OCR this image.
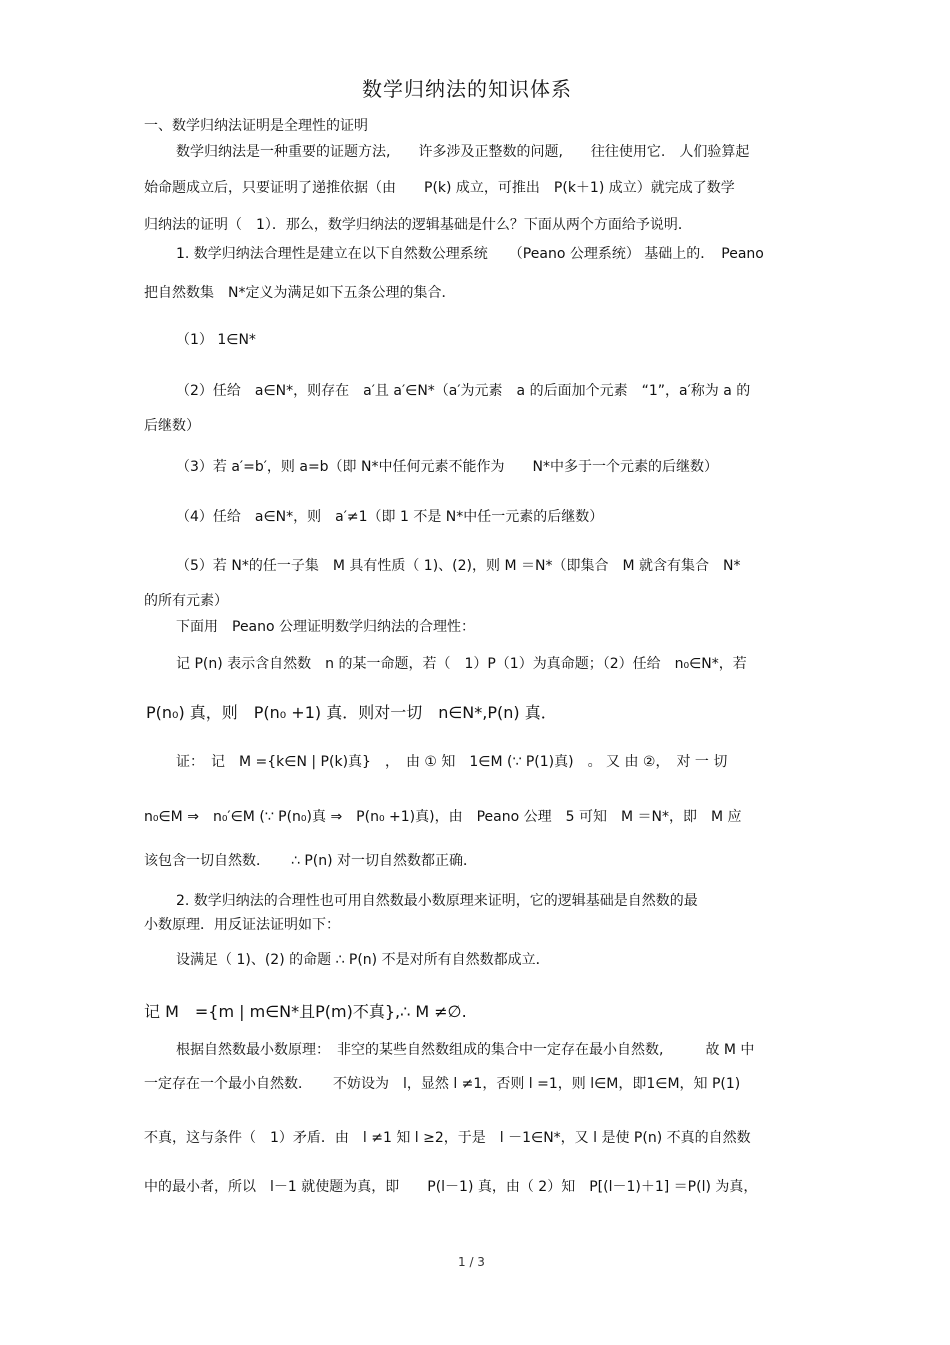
数学归纳法的知识体系
一、数学归纳法证明是全理性的证明
数学归纳法是一种重要的证题方法,　　许多涉及正整数的问题,　　往往使用它.　人们验算起
始命题成立后，只要证明了递推依据（由　　P(k) 成立，可推出　P(k＋1) 成立）就完成了数学
归纳法的证明（　1）．那么，数学归纳法的逻辑基础是什么？下面从两个方面给予说明．
1. 数学归纳法合理性是建立在以下自然数公理系统　　（Peano 公理系统） 基础上的．　Peano
把自然数集　N*定义为满足如下五条公理的集合．
（1） 1∈N*
（2）任给　a∈N*，则存在　a′且 a′∈N*（a′为元素　a 的后面加个元素　“1”，a′称为 a 的
后继数）
（3）若 a′=b′，则 a=b（即 N*中任何元素不能作为　　N*中多于一个元素的后继数）
（4）任给　a∈N*，则　a′≠1（即 1 不是 N*中任一元素的后继数）
（5）若 N*的任一子集　M 具有性质（ 1)、(2)，则 M ＝N*（即集合　M 就含有集合　N*
的所有元素）
下面用　Peano 公理证明数学归纳法的合理性：
记 P(n) 表示含自然数　n 的某一命题，若（　1）P（1）为真命题；（2）任给　n₀∈N*，若
P(n₀) 真，则　P(n₀ +1) 真．则对一切　n∈N*,P(n) 真．
证：　记　M ={k∈N | P(k)真}　，　由 ① 知　1∈M (∵ P(1)真)　。 又 由 ②，　对 一 切
n₀∈M ⇒　n₀′∈M (∵ P(n₀)真 ⇒　P(n₀ +1)真)，由　Peano 公理　5 可知　M ＝N*，即　M 应
该包含一切自然数．　　∴ P(n) 对一切自然数都正确．
2. 数学归纳法的合理性也可用自然数最小数原理来证明，它的逻辑基础是自然数的最
小数原理．用反证法证明如下：
设满足（ 1)、(2) 的命题 ∴ P(n) 不是对所有自然数都成立．
记 M　={m | m∈N*且P(m)不真},∴ M ≠∅.
根据自然数最小数原理：　非空的某些自然数组成的集合中一定存在最小自然数,　　　故 M 中
一定存在一个最小自然数．　　不妨设为　l，显然 l ≠1，否则 l =1，则 l∈M，即1∈M，知 P(1)
不真，这与条件（　1）矛盾．由　l ≠1 知 l ≥2，于是　l －1∈N*，又 l 是使 P(n) 不真的自然数
中的最小者，所以　l－1 就使题为真，即　　P(l－1) 真，由（ 2）知　P[(l－1)＋1] ＝P(l) 为真，
1 / 3
